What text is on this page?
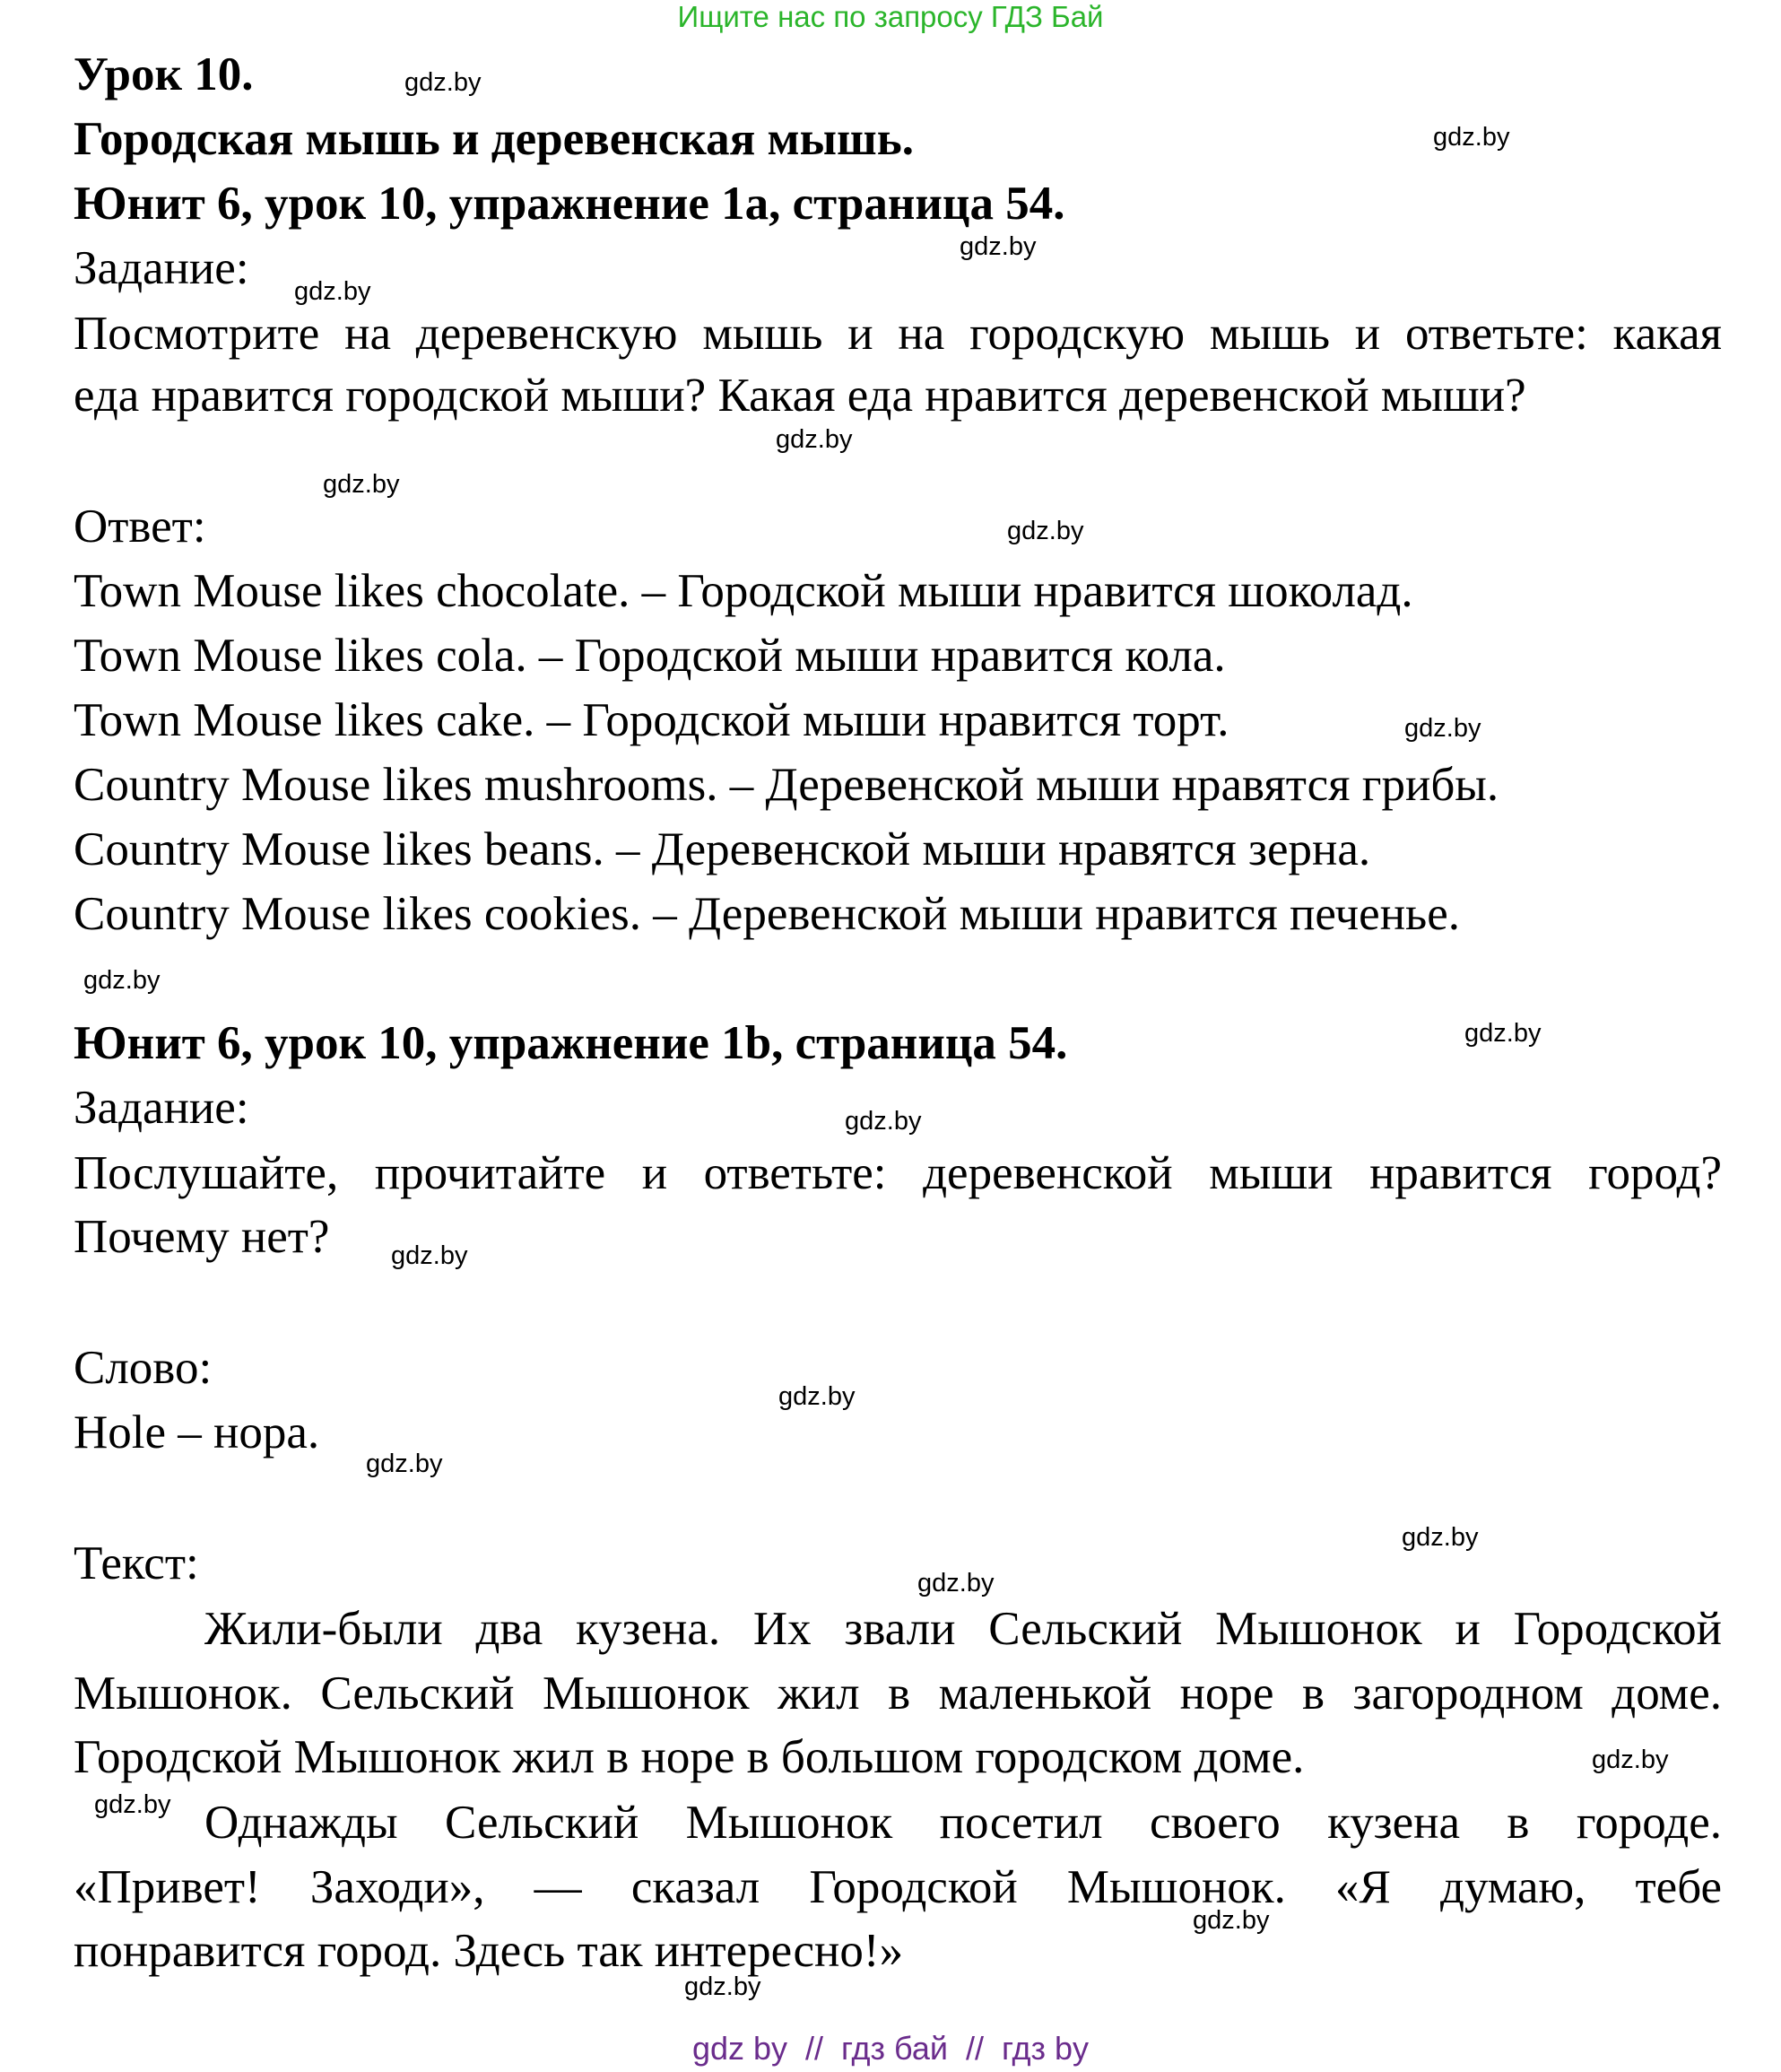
Ищите нас по запросу ГДЗ Бай
Урок 10.
Городская мышь и деревенская мышь.
Юнит 6, урок 10, упражнение 1а, страница 54.
Задание:
Посмотрите на деревенскую мышь и на городскую мышь и ответьте: какая
еда нравится городской мыши? Какая еда нравится деревенской мыши?
Ответ:
Town Mouse likes chocolate. – Городской мыши нравится шоколад.
Town Mouse likes cola. – Городской мыши нравится кола.
Town Mouse likes cake. – Городской мыши нравится торт.
Country Mouse likes mushrooms. – Деревенской мыши нравятся грибы.
Country Mouse likes beans. – Деревенской мыши нравятся зерна.
Country Mouse likes cookies. – Деревенской мыши нравится печенье.
Юнит 6, урок 10, упражнение 1b, страница 54.
Задание:
Послушайте, прочитайте и ответьте: деревенской мыши нравится город?
Почему нет?
Слово:
Hole – нора.
Текст:
Жили-были два кузена. Их звали Сельский Мышонок и Городской
Мышонок. Сельский Мышонок жил в маленькой норе в загородном доме.
Городской Мышонок жил в норе в большом городском доме.
Однажды Сельский Мышонок посетил своего кузена в городе.
«Привет! Заходи», — сказал Городской Мышонок. «Я думаю, тебе
понравится город. Здесь так интересно!»
gdz.by
gdz.by
gdz.by
gdz.by
gdz.by
gdz.by
gdz.by
gdz.by
gdz.by
gdz.by
gdz.by
gdz.by
gdz.by
gdz.by
gdz.by
gdz.by
gdz.by
gdz.by
gdz.by
gdz.by
gdz by  //  гдз бай  //  гдз by
